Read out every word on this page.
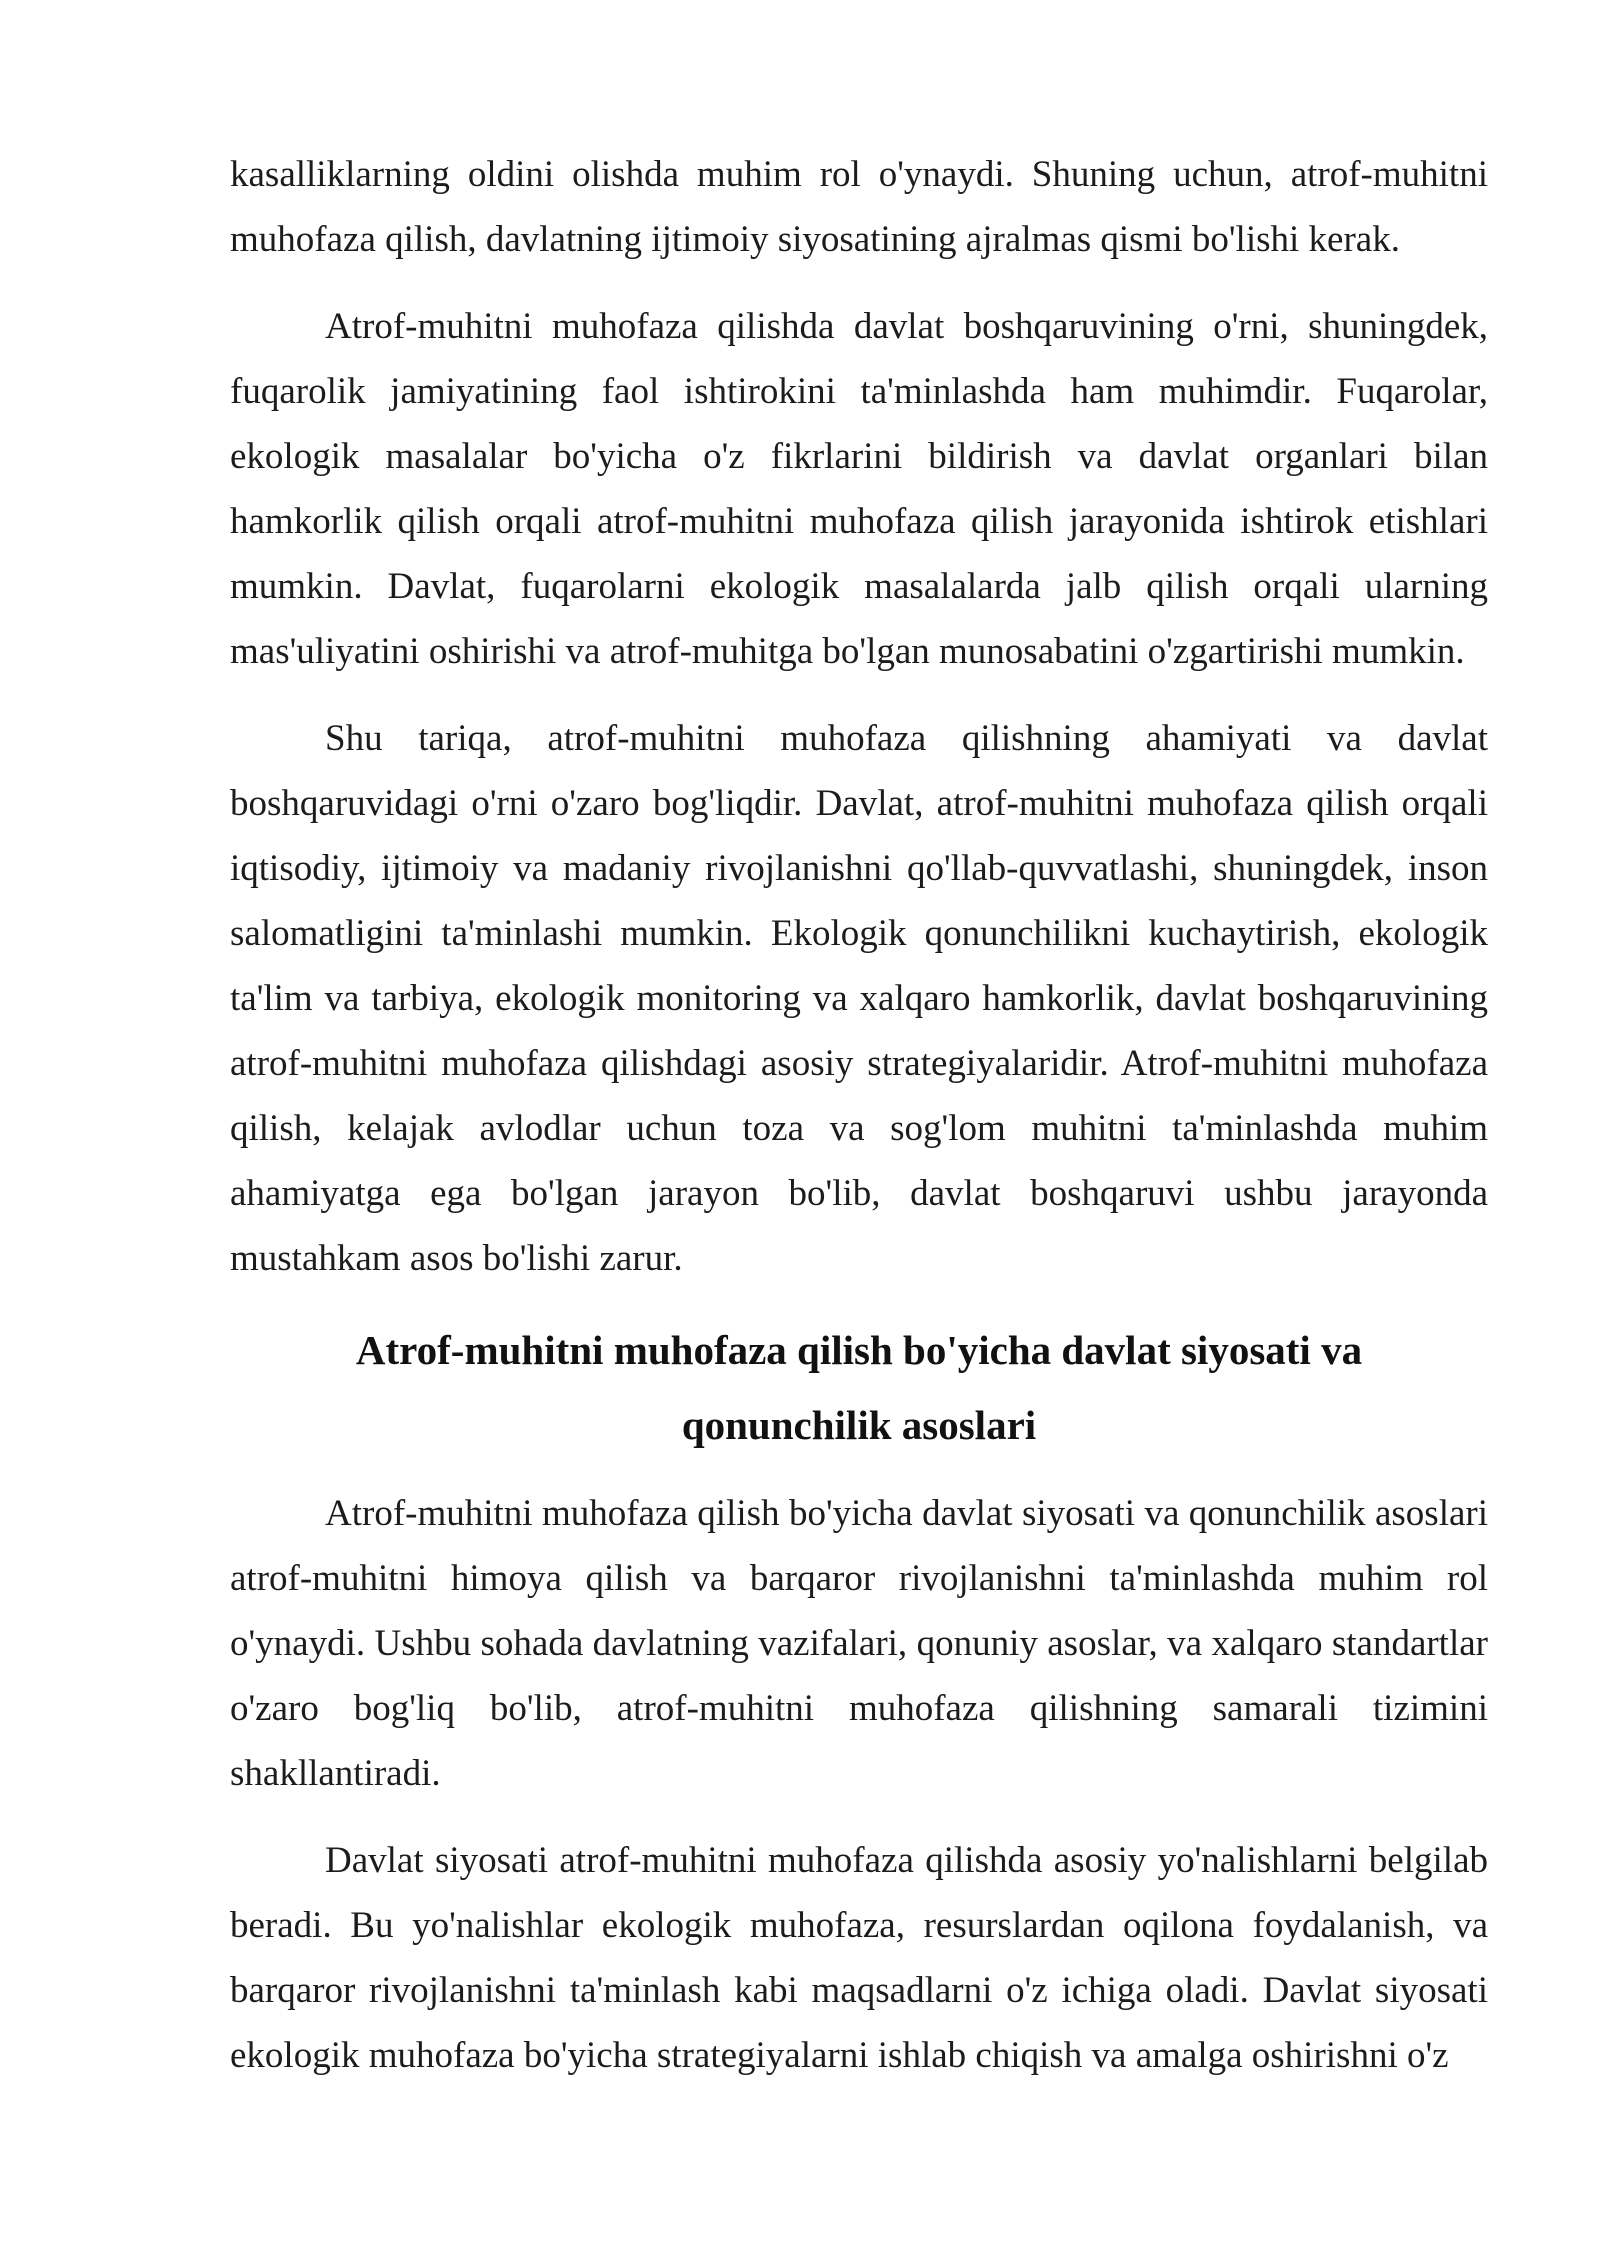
kasalliklarning oldini olishda muhim rol o'ynaydi. Shuning uchun, atrof-muhitni muhofaza qilish, davlatning ijtimoiy siyosatining ajralmas qismi bo'lishi kerak.

Atrof-muhitni muhofaza qilishda davlat boshqaruvining o'rni, shuningdek, fuqarolik jamiyatining faol ishtirokini ta'minlashda ham muhimdir. Fuqarolar, ekologik masalalar bo'yicha o'z fikrlarini bildirish va davlat organlari bilan hamkorlik qilish orqali atrof-muhitni muhofaza qilish jarayonida ishtirok etishlari mumkin. Davlat, fuqarolarni ekologik masalalarda jalb qilish orqali ularning mas'uliyatini oshirishi va atrof-muhitga bo'lgan munosabatini o'zgartirishi mumkin.

Shu tariqa, atrof-muhitni muhofaza qilishning ahamiyati va davlat boshqaruvidagi o'rni o'zaro bog'liqdir. Davlat, atrof-muhitni muhofaza qilish orqali iqtisodiy, ijtimoiy va madaniy rivojlanishni qo'llab-quvvatlashi, shuningdek, inson salomatligini ta'minlashi mumkin. Ekologik qonunchilikni kuchaytirish, ekologik ta'lim va tarbiya, ekologik monitoring va xalqaro hamkorlik, davlat boshqaruvining atrof-muhitni muhofaza qilishdagi asosiy strategiyalaridir. Atrof-muhitni muhofaza qilish, kelajak avlodlar uchun toza va sog'lom muhitni ta'minlashda muhim ahamiyatga ega bo'lgan jarayon bo'lib, davlat boshqaruvi ushbu jarayonda mustahkam asos bo'lishi zarur.

Atrof-muhitni muhofaza qilish bo'yicha davlat siyosati va qonunchilik asoslari

Atrof-muhitni muhofaza qilish bo'yicha davlat siyosati va qonunchilik asoslari atrof-muhitni himoya qilish va barqaror rivojlanishni ta'minlashda muhim rol o'ynaydi. Ushbu sohada davlatning vazifalari, qonuniy asoslar, va xalqaro standartlar o'zaro bog'liq bo'lib, atrof-muhitni muhofaza qilishning samarali tizimini shakllantiradi.

Davlat siyosati atrof-muhitni muhofaza qilishda asosiy yo'nalishlarni belgilab beradi. Bu yo'nalishlar ekologik muhofaza, resurslardan oqilona foydalanish, va barqaror rivojlanishni ta'minlash kabi maqsadlarni o'z ichiga oladi. Davlat siyosati ekologik muhofaza bo'yicha strategiyalarni ishlab chiqish va amalga oshirishni o'z
